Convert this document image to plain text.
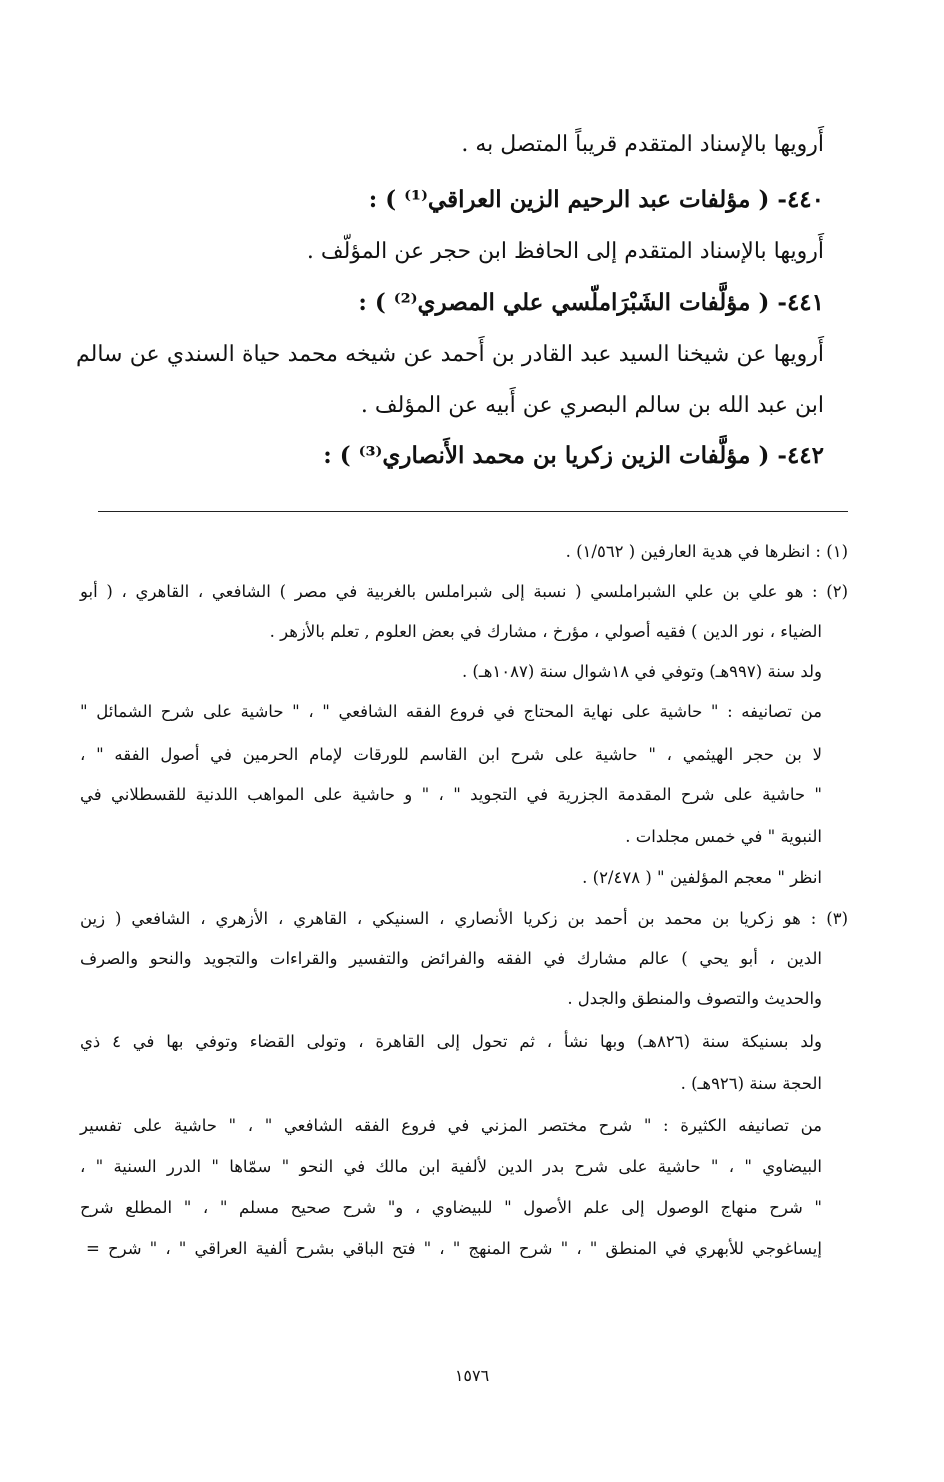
أَرويها بالإسناد المتقدم قريباً المتصل به .
٤٤٠- ( مؤلفات عبد الرحيم الزين العراقي⁽¹⁾ ) :
أَرويها بالإسناد المتقدم إلى الحافظ ابن حجر عن المؤلّف .
٤٤١- ( مؤلَّفات الشَبْرَاملّسي علي المصري⁽²⁾ ) :
أَرويها عن شيخنا السيد عبد القادر بن أَحمد عن شيخه محمد حياة السندي عن سالم
ابن عبد الله بن سالم البصري عن أَبيه عن المؤلف .
٤٤٢- ( مؤلَّفات الزين زكريا بن محمد الأَنصاري⁽³⁾ ) :
(١) : انظرها في هدية العارفين ( ١/٥٦٢) .
(٢) : هو علي بن علي الشبراملسي ( نسبة إلى شبراملس بالغربية في مصر ) الشافعي ، القاهري ، ( أبو
الضياء ، نور الدين ) فقيه أصولي ، مؤرخ ، مشارك في بعض العلوم , تعلم بالأزهر .
ولد سنة (٩٩٧هـ) وتوفي في ١٨شوال سنة (١٠٨٧هـ) .
من تصانيفه : " حاشية على نهاية المحتاج في فروع الفقه الشافعي " ، " حاشية على شرح الشمائل "
لا بن حجر الهيثمي ، " حاشية على شرح ابن القاسم للورقات لإمام الحرمين في أصول الفقه " ،
" حاشية على شرح المقدمة الجزرية في التجويد " ، " و حاشية على المواهب اللدنية للقسطلاني في
النبوية " في خمس مجلدات .
انظر " معجم المؤلفين " ( ٢/٤٧٨) .
(٣) : هو زكريا بن محمد بن أحمد بن زكريا الأنصاري ، السنيكي ، القاهري ، الأزهري ، الشافعي ( زين
الدين ، أبو يحي ) عالم مشارك في الفقه والفرائض والتفسير والقراءات والتجويد والنحو والصرف
والحديث والتصوف والمنطق والجدل .
ولد بسنيكة سنة (٨٢٦هـ) وبها نشأ ، ثم تحول إلى القاهرة ، وتولى القضاء وتوفي بها في ٤ ذي
الحجة سنة (٩٢٦هـ) .
من تصانيفه الكثيرة : " شرح مختصر المزني في فروع الفقه الشافعي " ، " حاشية على تفسير
البيضاوي " ، " حاشية على شرح بدر الدين لألفية ابن مالك في النحو " سمّاها " الدرر السنية " ،
" شرح منهاج الوصول إلى علم الأصول " للبيضاوي ، و" شرح صحيح مسلم " ، " المطلع شرح
إيساغوجي للأبهري في المنطق " ، " شرح المنهج " ، " فتح الباقي بشرح ألفية العراقي " ، " شرح =
١٥٧٦
